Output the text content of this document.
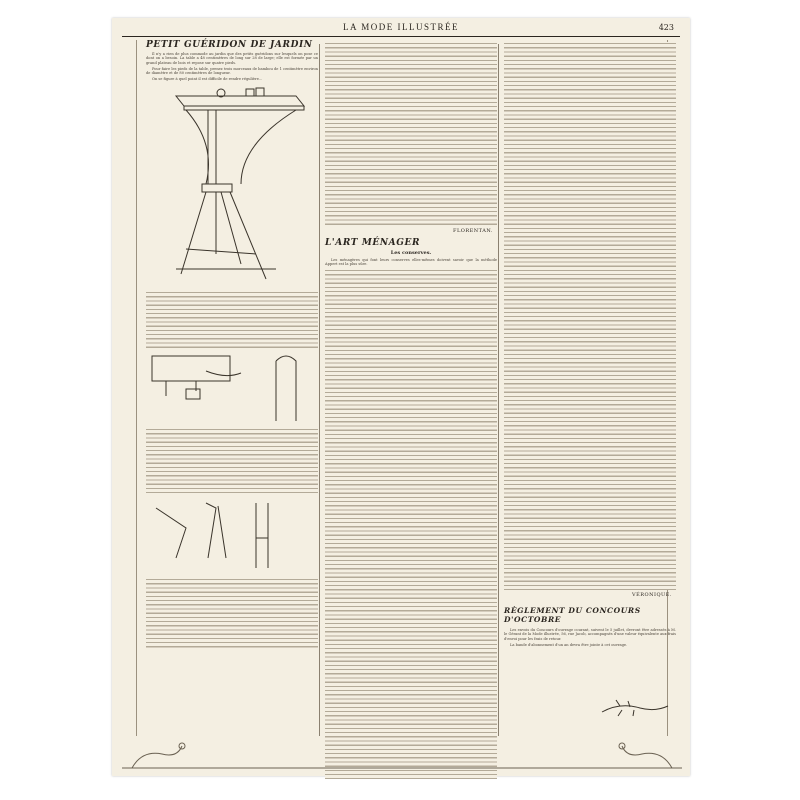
LA MODE ILLUSTRÉE	423
PETIT GUÉRIDON DE JARDIN
Il n'y a rien de plus commode au jardin que des petits guéridons sur lesquels on pose ce dont on a besoin. La table a 48 centimètres de long sur 28 de large; elle est formée par un grand plateau de bois et repose sur quatre pieds.
Pour faire les pieds de la table, prenez trois morceaux de bambou de 1 centimètre environ de diamètre et de 80 centimètres de longueur.
On se figure à quel point il est difficile de rendre régulière...
FLORENTAN.
L'ART MÉNAGER
Les conserves.
Les ménagères qui font leurs conserves elles-mêmes doivent savoir que la méthode Appert est la plus sûre.
VÉRONIQUE.
RÈGLEMENT DU CONCOURS D'OCTOBRE
Les envois du Concours d'ouvrage courant, suivent le 5 juillet, devront être adressés à M. le Gérant de la Mode illustrée, 56, rue Jacob, accompagnés d'une valeur équivalente aux frais d'envoi pour les frais de retour.
La bande d'abonnement d'un an devra être jointe à cet ouvrage.
